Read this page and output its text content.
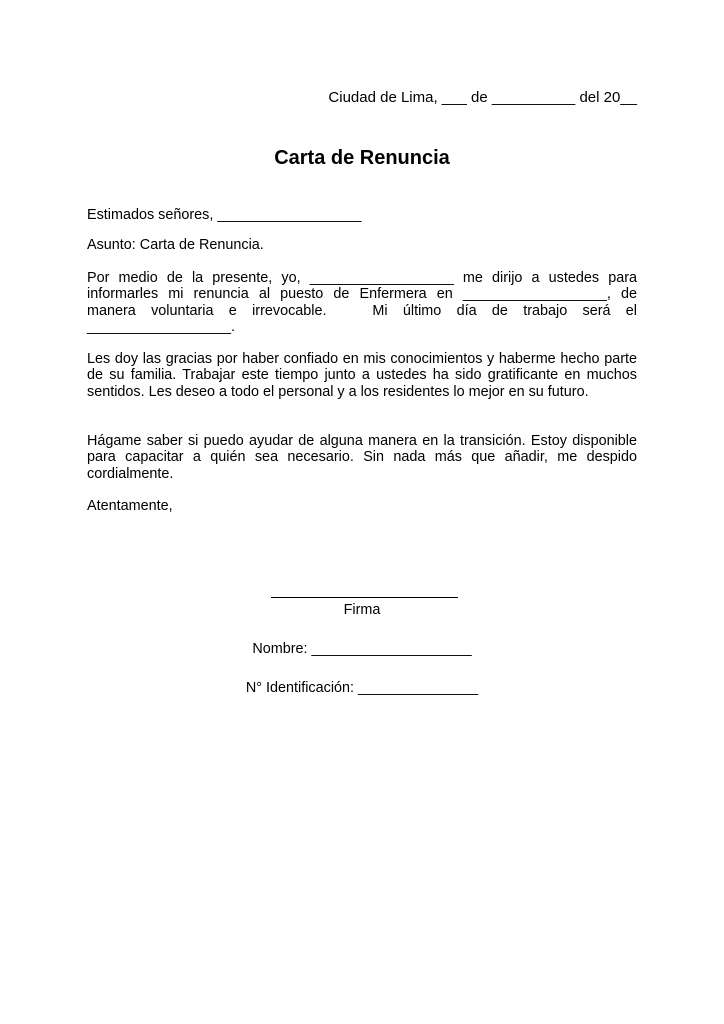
Ciudad de Lima, ___ de __________ del 20__
Carta de Renuncia
Estimados señores, __________________
Asunto: Carta de Renuncia.
Por medio de la presente, yo, __________________ me dirijo a ustedes para
informarles mi renuncia al puesto de Enfermera en __________________, de
manera voluntaria e irrevocable.   Mi último día de trabajo será el
__________________.
Les doy las gracias por haber confiado en mis conocimientos y haberme hecho parte de su familia. Trabajar este tiempo junto a ustedes ha sido gratificante en muchos sentidos. Les deseo a todo el personal y a los residentes lo mejor en su futuro.
Hágame saber si puedo ayudar de alguna manera en la transición. Estoy disponible para capacitar a quién sea necesario. Sin nada más que añadir, me despido cordialmente.
Atentamente,
Firma
Nombre: ____________________
N° Identificación: _______________
